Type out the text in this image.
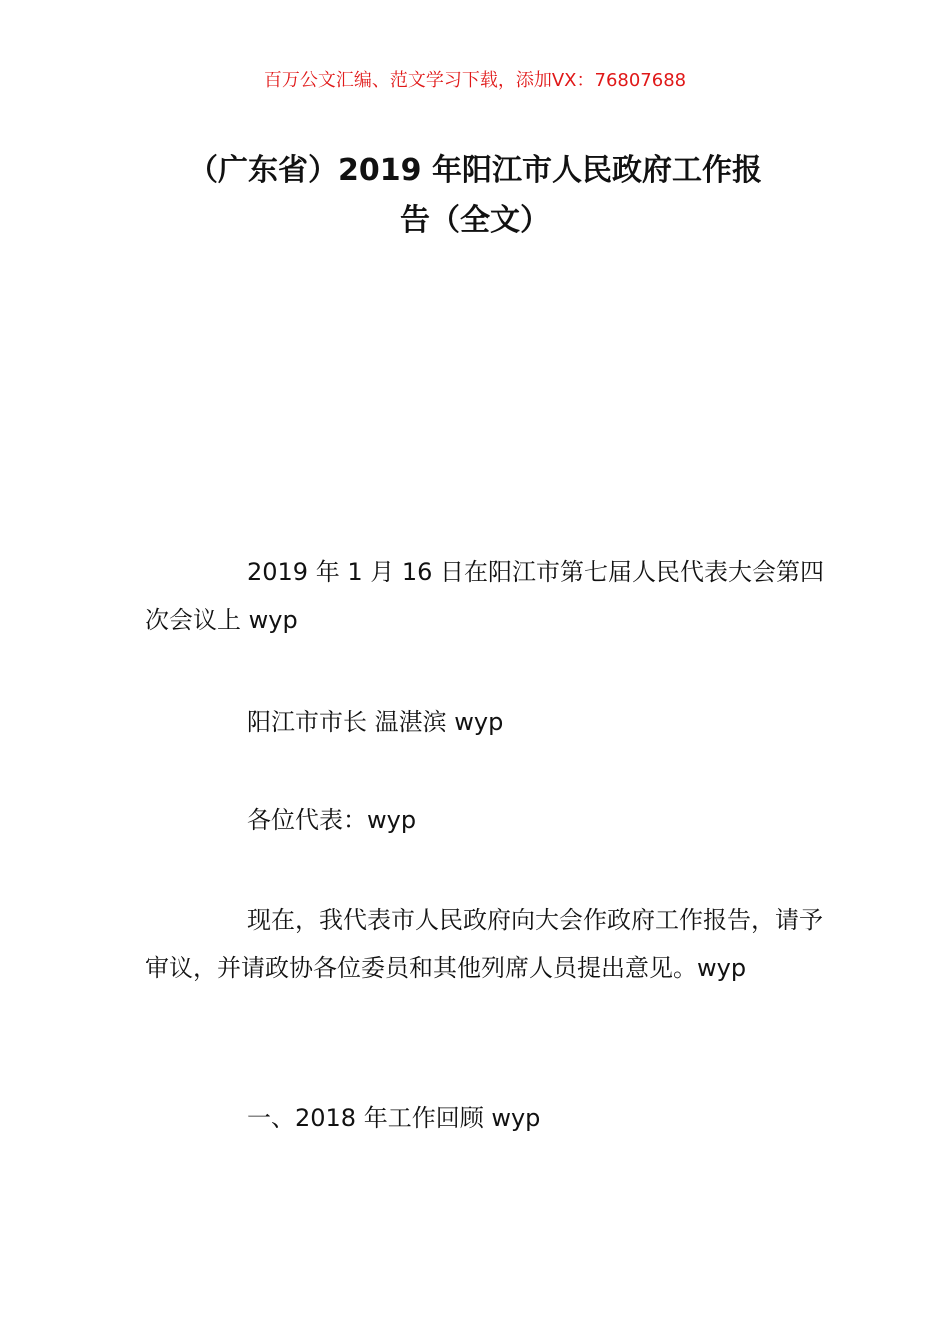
百万公文汇编、范文学习下载，添加VX：76807688
（广东省）2019 年阳江市人民政府工作报
告（全文）

2019 年 1 月 16 日在阳江市第七届人民代表大会第四次会议上 wyp

阳江市市长 温湛滨 wyp

各位代表：wyp

现在，我代表市人民政府向大会作政府工作报告，请予审议，并请政协各位委员和其他列席人员提出意见。wyp

一、2018 年工作回顾 wyp
